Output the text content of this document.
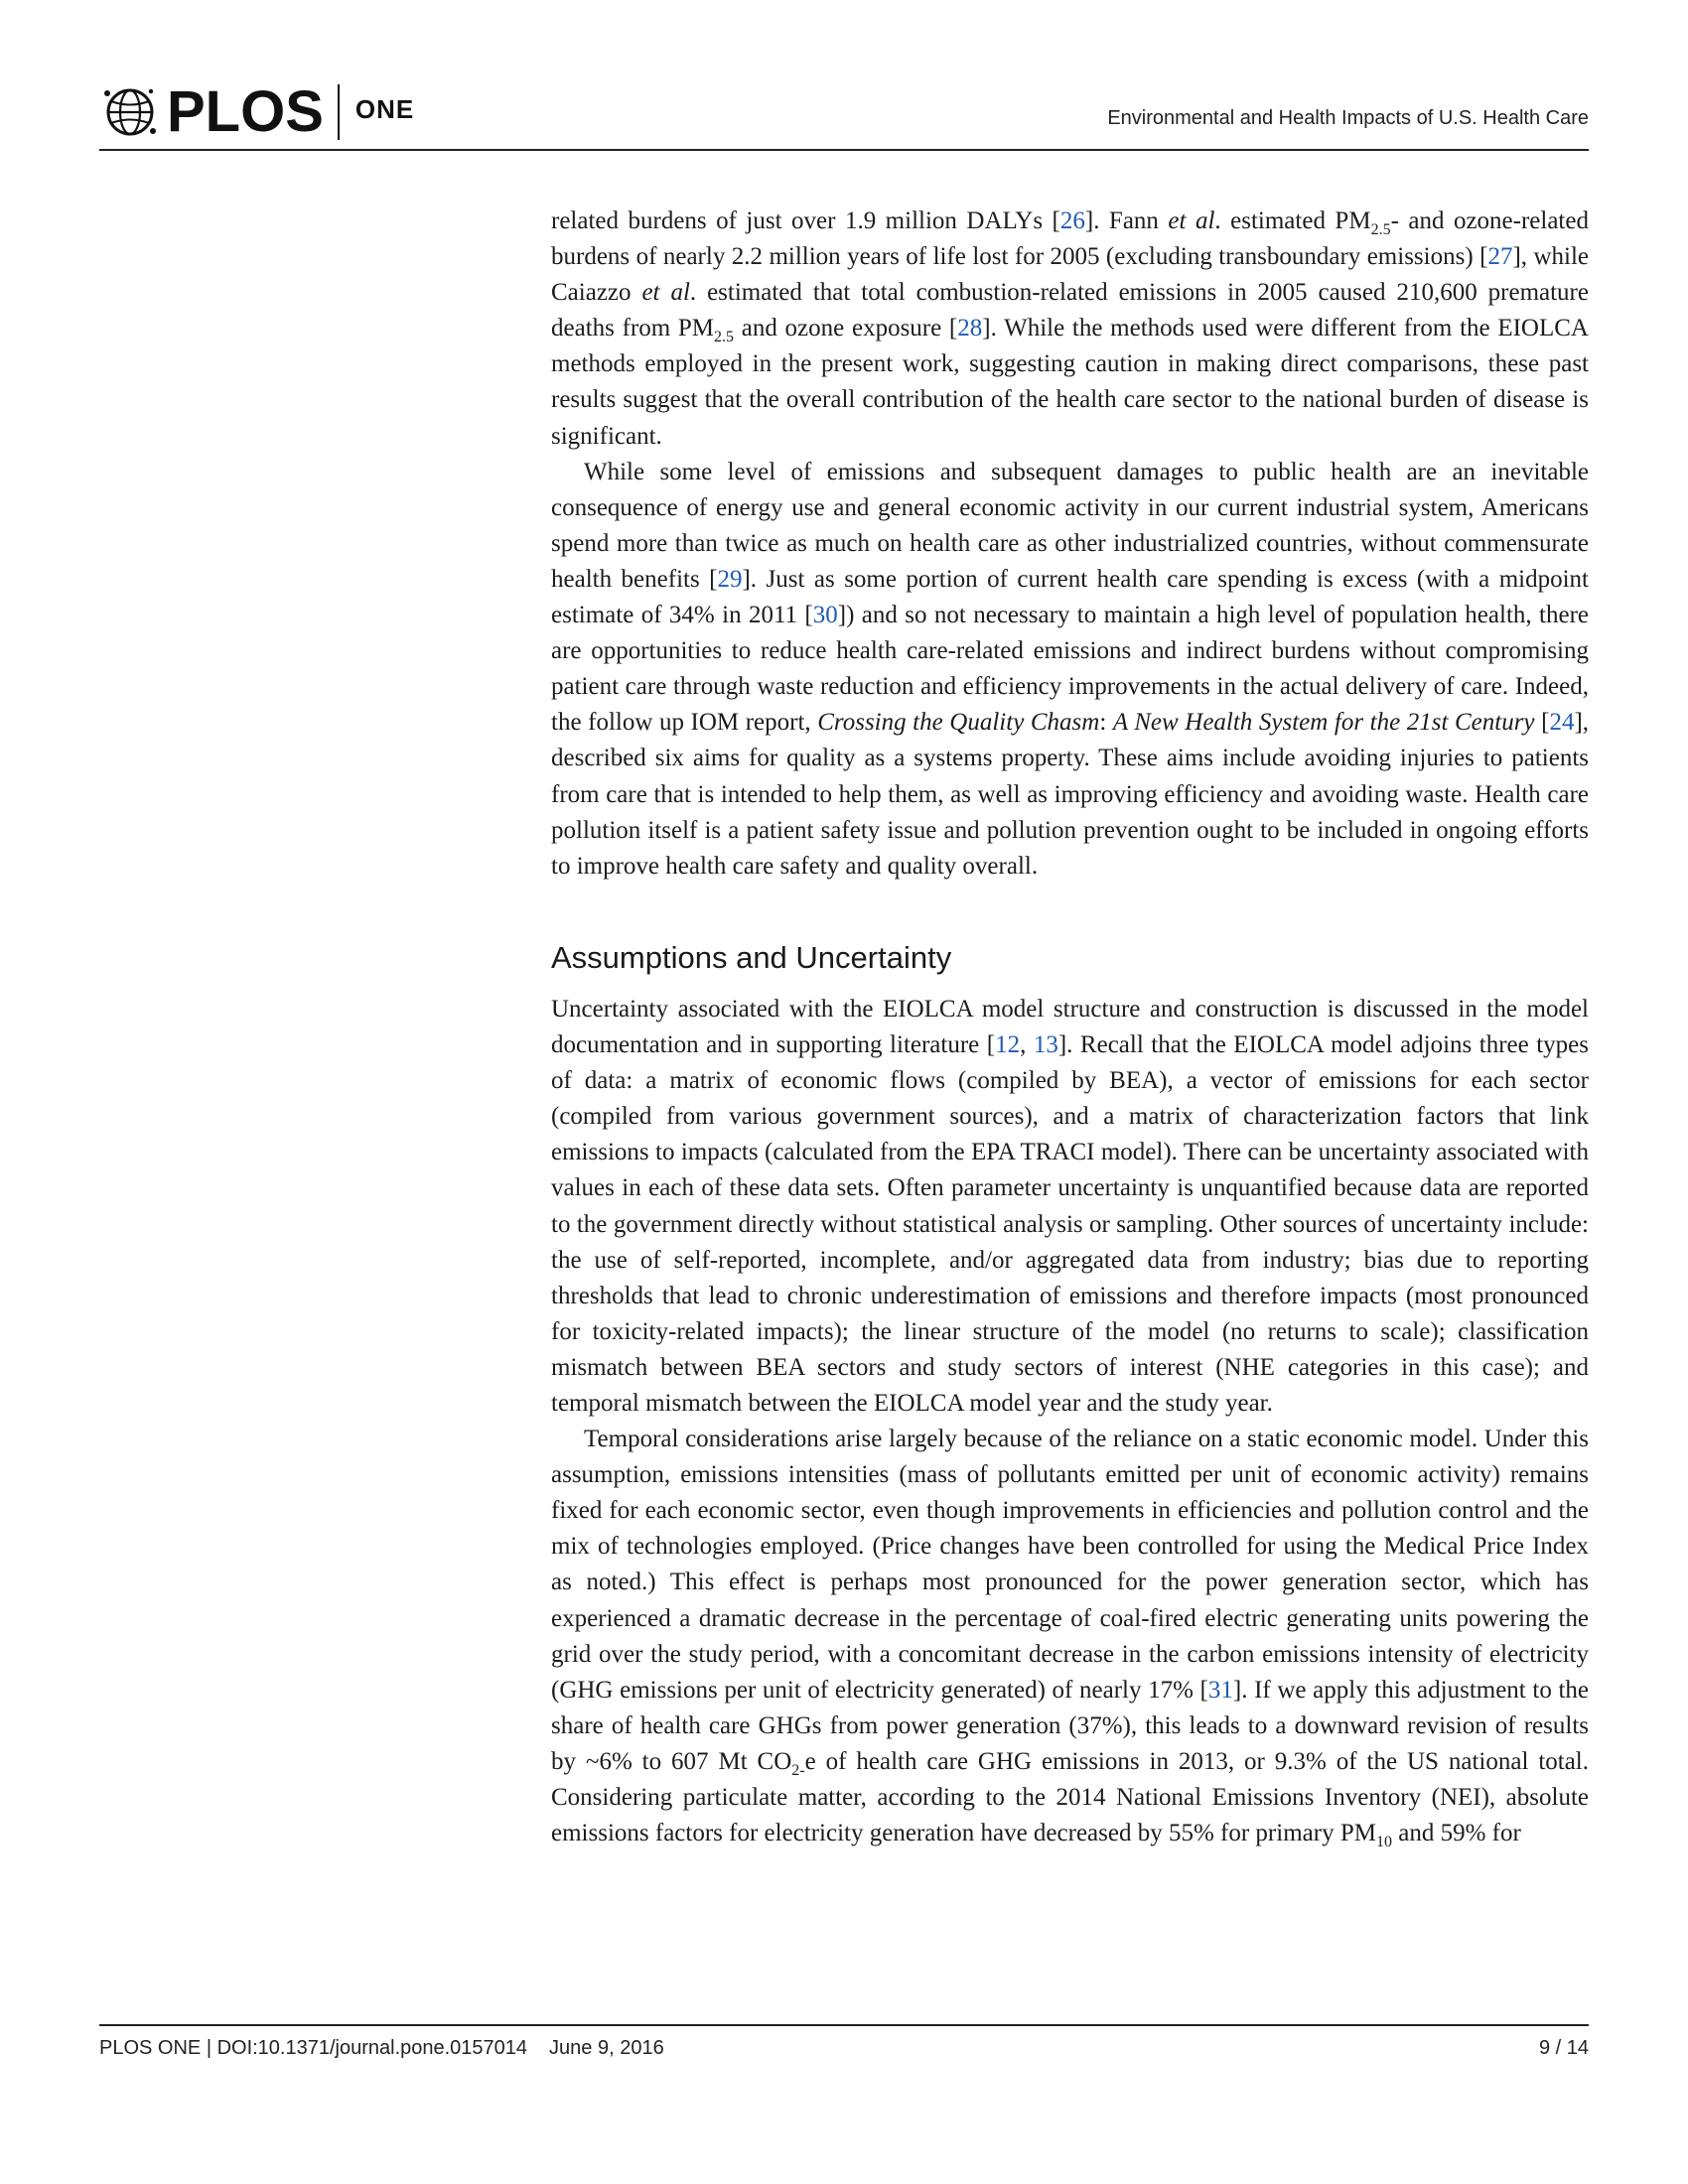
PLOS ONE	Environmental and Health Impacts of U.S. Health Care

related burdens of just over 1.9 million DALYs [26]. Fann et al. estimated $PM_{2.5}-$ and ozone-related burdens of nearly 2.2 million years of life lost for 2005 (excluding transboundary emissions) [27], while Caiazzo et al. estimated that total combustion-related emissions in 2005 caused 210,600 premature deaths from $PM_{2.5}$ and ozone exposure [28]. While the methods used were different from the EIOLCA methods employed in the present work, suggesting caution in making direct comparisons, these past results suggest that the overall contribution of the health care sector to the national burden of disease is significant.

While some level of emissions and subsequent damages to public health are an inevitable consequence of energy use and general economic activity in our current industrial system, Americans spend more than twice as much on health care as other industrialized countries, without commensurate health benefits [29]. Just as some portion of current health care spending is excess (with a midpoint estimate of 34% in 2011 [30]) and so not necessary to maintain a high level of population health, there are opportunities to reduce health care-related emissions and indirect burdens without compromising patient care through waste reduction and efficiency improvements in the actual delivery of care. Indeed, the follow up IOM report, Crossing the Quality Chasm: A New Health System for the 21st Century [24], described six aims for quality as a systems property. These aims include avoiding injuries to patients from care that is intended to help them, as well as improving efficiency and avoiding waste. Health care pollution itself is a patient safety issue and pollution prevention ought to be included in ongoing efforts to improve health care safety and quality overall.

Assumptions and Uncertainty

Uncertainty associated with the EIOLCA model structure and construction is discussed in the model documentation and in supporting literature [12, 13]. Recall that the EIOLCA model adjoins three types of data: a matrix of economic flows (compiled by BEA), a vector of emissions for each sector (compiled from various government sources), and a matrix of characterization factors that link emissions to impacts (calculated from the EPA TRACI model). There can be uncertainty associated with values in each of these data sets. Often parameter uncertainty is unquantified because data are reported to the government directly without statistical analysis or sampling. Other sources of uncertainty include: the use of self-reported, incomplete, and/or aggregated data from industry; bias due to reporting thresholds that lead to chronic underestimation of emissions and therefore impacts (most pronounced for toxicity-related impacts); the linear structure of the model (no returns to scale); classification mismatch between BEA sectors and study sectors of interest (NHE categories in this case); and temporal mismatch between the EIOLCA model year and the study year.

Temporal considerations arise largely because of the reliance on a static economic model. Under this assumption, emissions intensities (mass of pollutants emitted per unit of economic activity) remains fixed for each economic sector, even though improvements in efficiencies and pollution control and the mix of technologies employed. (Price changes have been controlled for using the Medical Price Index as noted.) This effect is perhaps most pronounced for the power generation sector, which has experienced a dramatic decrease in the percentage of coal-fired electric generating units powering the grid over the study period, with a concomitant decrease in the carbon emissions intensity of electricity (GHG emissions per unit of electricity generated) of nearly 17% [31]. If we apply this adjustment to the share of health care GHGs from power generation (37%), this leads to a downward revision of results by ~6% to 607 Mt $CO_{2-}e$ of health care GHG emissions in 2013, or 9.3% of the US national total. Considering particulate matter, according to the 2014 National Emissions Inventory (NEI), absolute emissions factors for electricity generation have decreased by 55% for primary $PM_{10}$ and 59% for

PLOS ONE | DOI:10.1371/journal.pone.0157014 June 9, 2016	9 / 14
